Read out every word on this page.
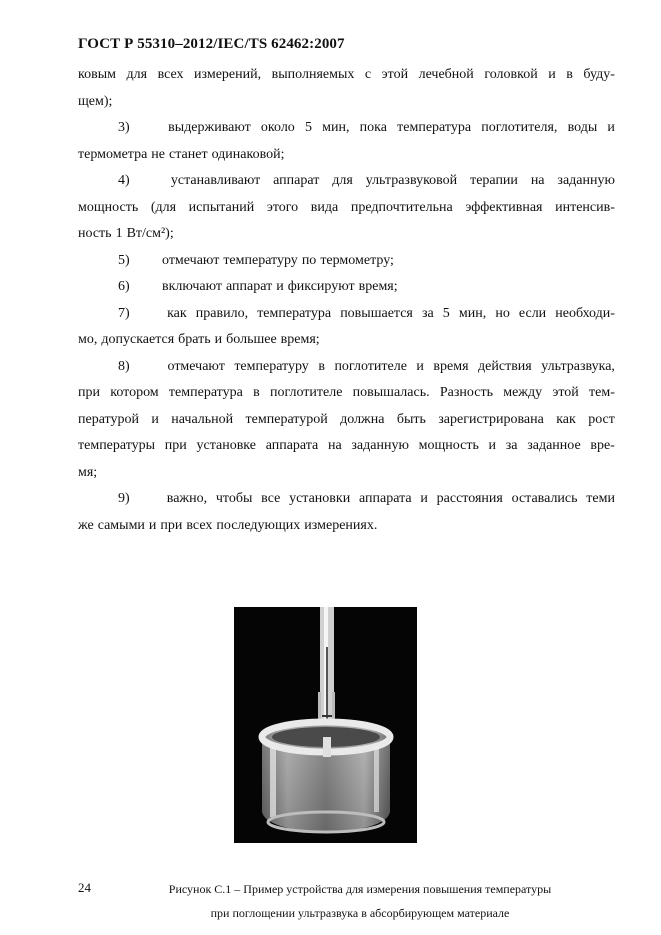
ГОСТ Р 55310–2012/IEC/TS 62462:2007
ковым для всех измерений, выполняемых с этой лечебной головкой и в буду-
щем);
3)	выдерживают около 5 мин, пока температура поглотителя, воды и
термометра не станет одинаковой;
4)	устанавливают аппарат для ультразвуковой терапии на заданную
мощность (для испытаний этого вида предпочтительна эффективная интенсив-
ность 1 Вт/см²);
5)	отмечают температуру по термометру;
6)	включают аппарат и фиксируют время;
7)	как правило, температура повышается за 5 мин, но если необходи-
мо, допускается брать и большее время;
8)	отмечают температуру в поглотителе и время действия ультразвука,
при котором температура в поглотителе повышалась. Разность между этой тем-
пературой и начальной температурой должна быть зарегистрирована как рост
температуры при установке аппарата на заданную мощность и за заданное вре-
мя;
9)	важно, чтобы все установки аппарата и расстояния оставались теми
же самыми и при всех последующих измерениях.
24	Рисунок С.1 – Пример устройства для измерения повышения температуры
при поглощении ультразвука в абсорбирующем материале
